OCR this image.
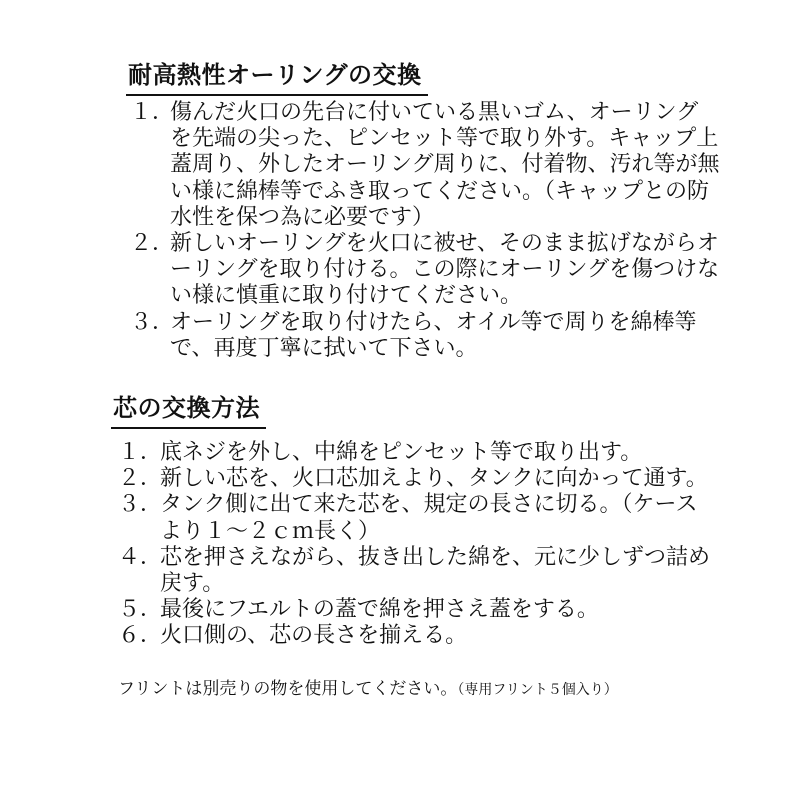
耐高熱性オーリングの交換
１．
傷んだ火口の先台に付いている黒いゴム、オーリングを先端の尖った、ピンセット等で取り外す。キャップ上蓋周り、外したオーリング周りに、付着物、汚れ等が無い様に綿棒等でふき取ってください。（キャップとの防水性を保つ為に必要です）
２．
新しいオーリングを火口に被せ、そのまま拡げながらオーリングを取り付ける。この際にオーリングを傷つけない様に慎重に取り付けてください。
３．
オーリングを取り付けたら、オイル等で周りを綿棒等で、再度丁寧に拭いて下さい。
芯の交換方法
１．
底ネジを外し、中綿をピンセット等で取り出す。
２．
新しい芯を、火口芯加えより、タンクに向かって通す。
３．
タンク側に出て来た芯を、規定の長さに切る。（ケースより１～２ｃｍ長く）
４．
芯を押さえながら、抜き出した綿を、元に少しずつ詰め戻す。
５．
最後にフエルトの蓋で綿を押さえ蓋をする。
６．
火口側の、芯の長さを揃える。

フリントは別売りの物を使用してください。（専用フリント５個入り）
